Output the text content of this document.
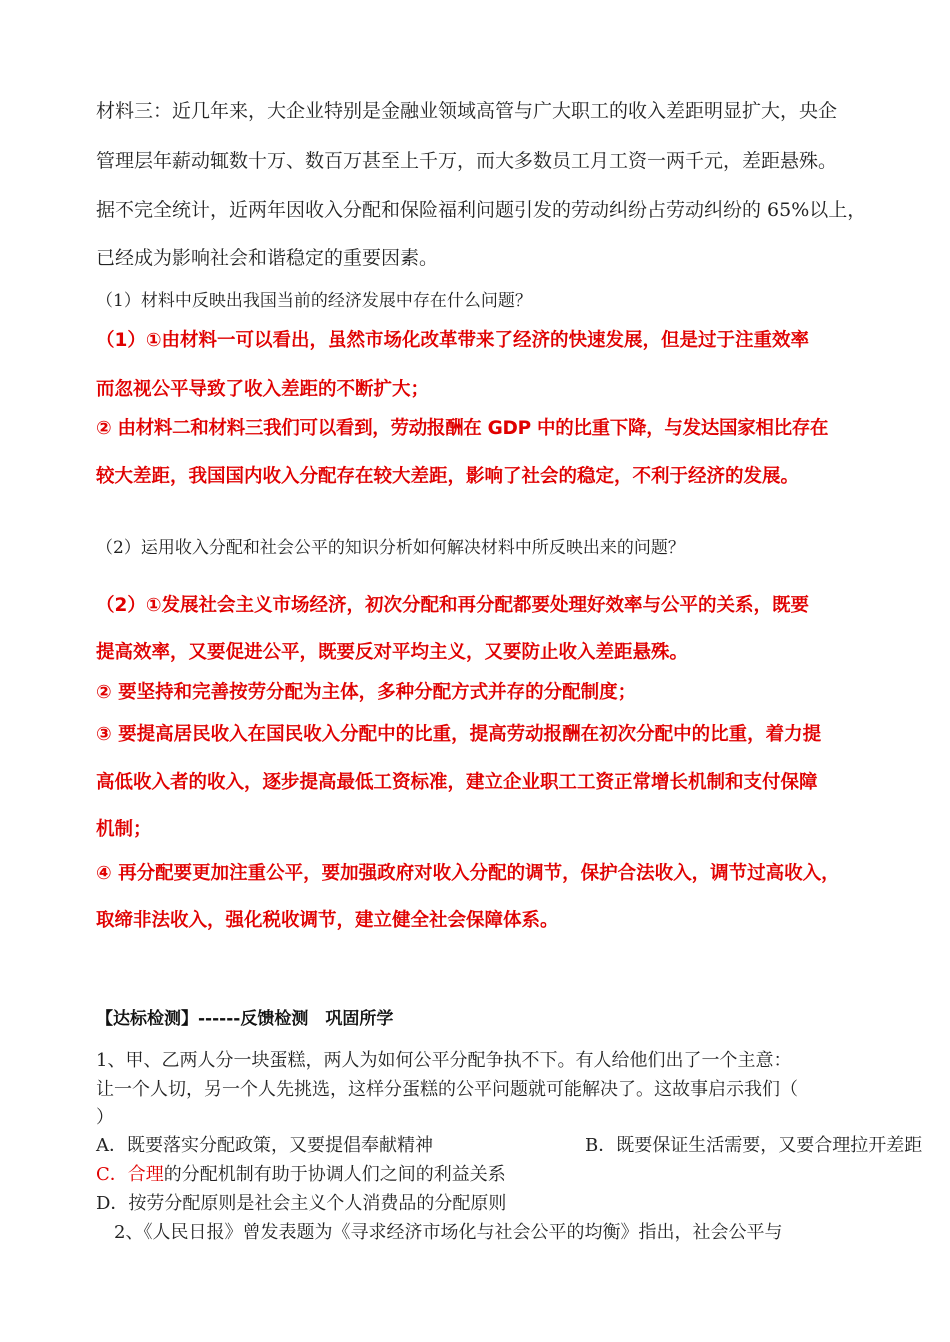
材料三：近几年来，大企业特别是金融业领域高管与广大职工的收入差距明显扩大，央企
管理层年薪动辄数十万、数百万甚至上千万，而大多数员工月工资一两千元，差距悬殊。
据不完全统计，近两年因收入分配和保险福利问题引发的劳动纠纷占劳动纠纷的 65%以上，
已经成为影响社会和谐稳定的重要因素。
（1）材料中反映出我国当前的经济发展中存在什么问题？
（1）①由材料一可以看出，虽然市场化改革带来了经济的快速发展，但是过于注重效率
而忽视公平导致了收入差距的不断扩大；
② 由材料二和材料三我们可以看到，劳动报酬在 GDP 中的比重下降，与发达国家相比存在
较大差距，我国国内收入分配存在较大差距，影响了社会的稳定，不利于经济的发展。
（2）运用收入分配和社会公平的知识分析如何解决材料中所反映出来的问题？
（2）①发展社会主义市场经济，初次分配和再分配都要处理好效率与公平的关系，既要
提高效率，又要促进公平，既要反对平均主义，又要防止收入差距悬殊。
② 要坚持和完善按劳分配为主体，多种分配方式并存的分配制度；
③ 要提高居民收入在国民收入分配中的比重，提高劳动报酬在初次分配中的比重，着力提
高低收入者的收入，逐步提高最低工资标准，建立企业职工工资正常增长机制和支付保障
机制；
④ 再分配要更加注重公平，要加强政府对收入分配的调节，保护合法收入，调节过高收入，
取缔非法收入，强化税收调节，建立健全社会保障体系。
【达标检测】------反馈检测　巩固所学
1、甲、乙两人分一块蛋糕，两人为如何公平分配争执不下。有人给他们出了一个主意：
让一个人切，另一个人先挑选，这样分蛋糕的公平问题就可能解决了。这故事启示我们（
）
A．既要落实分配政策，又要提倡奉献精神	B．既要保证生活需要，又要合理拉开差距
C．合理的分配机制有助于协调人们之间的利益关系
D．按劳分配原则是社会主义个人消费品的分配原则
　2、《人民日报》曾发表题为《寻求经济市场化与社会公平的均衡》指出，社会公平与
